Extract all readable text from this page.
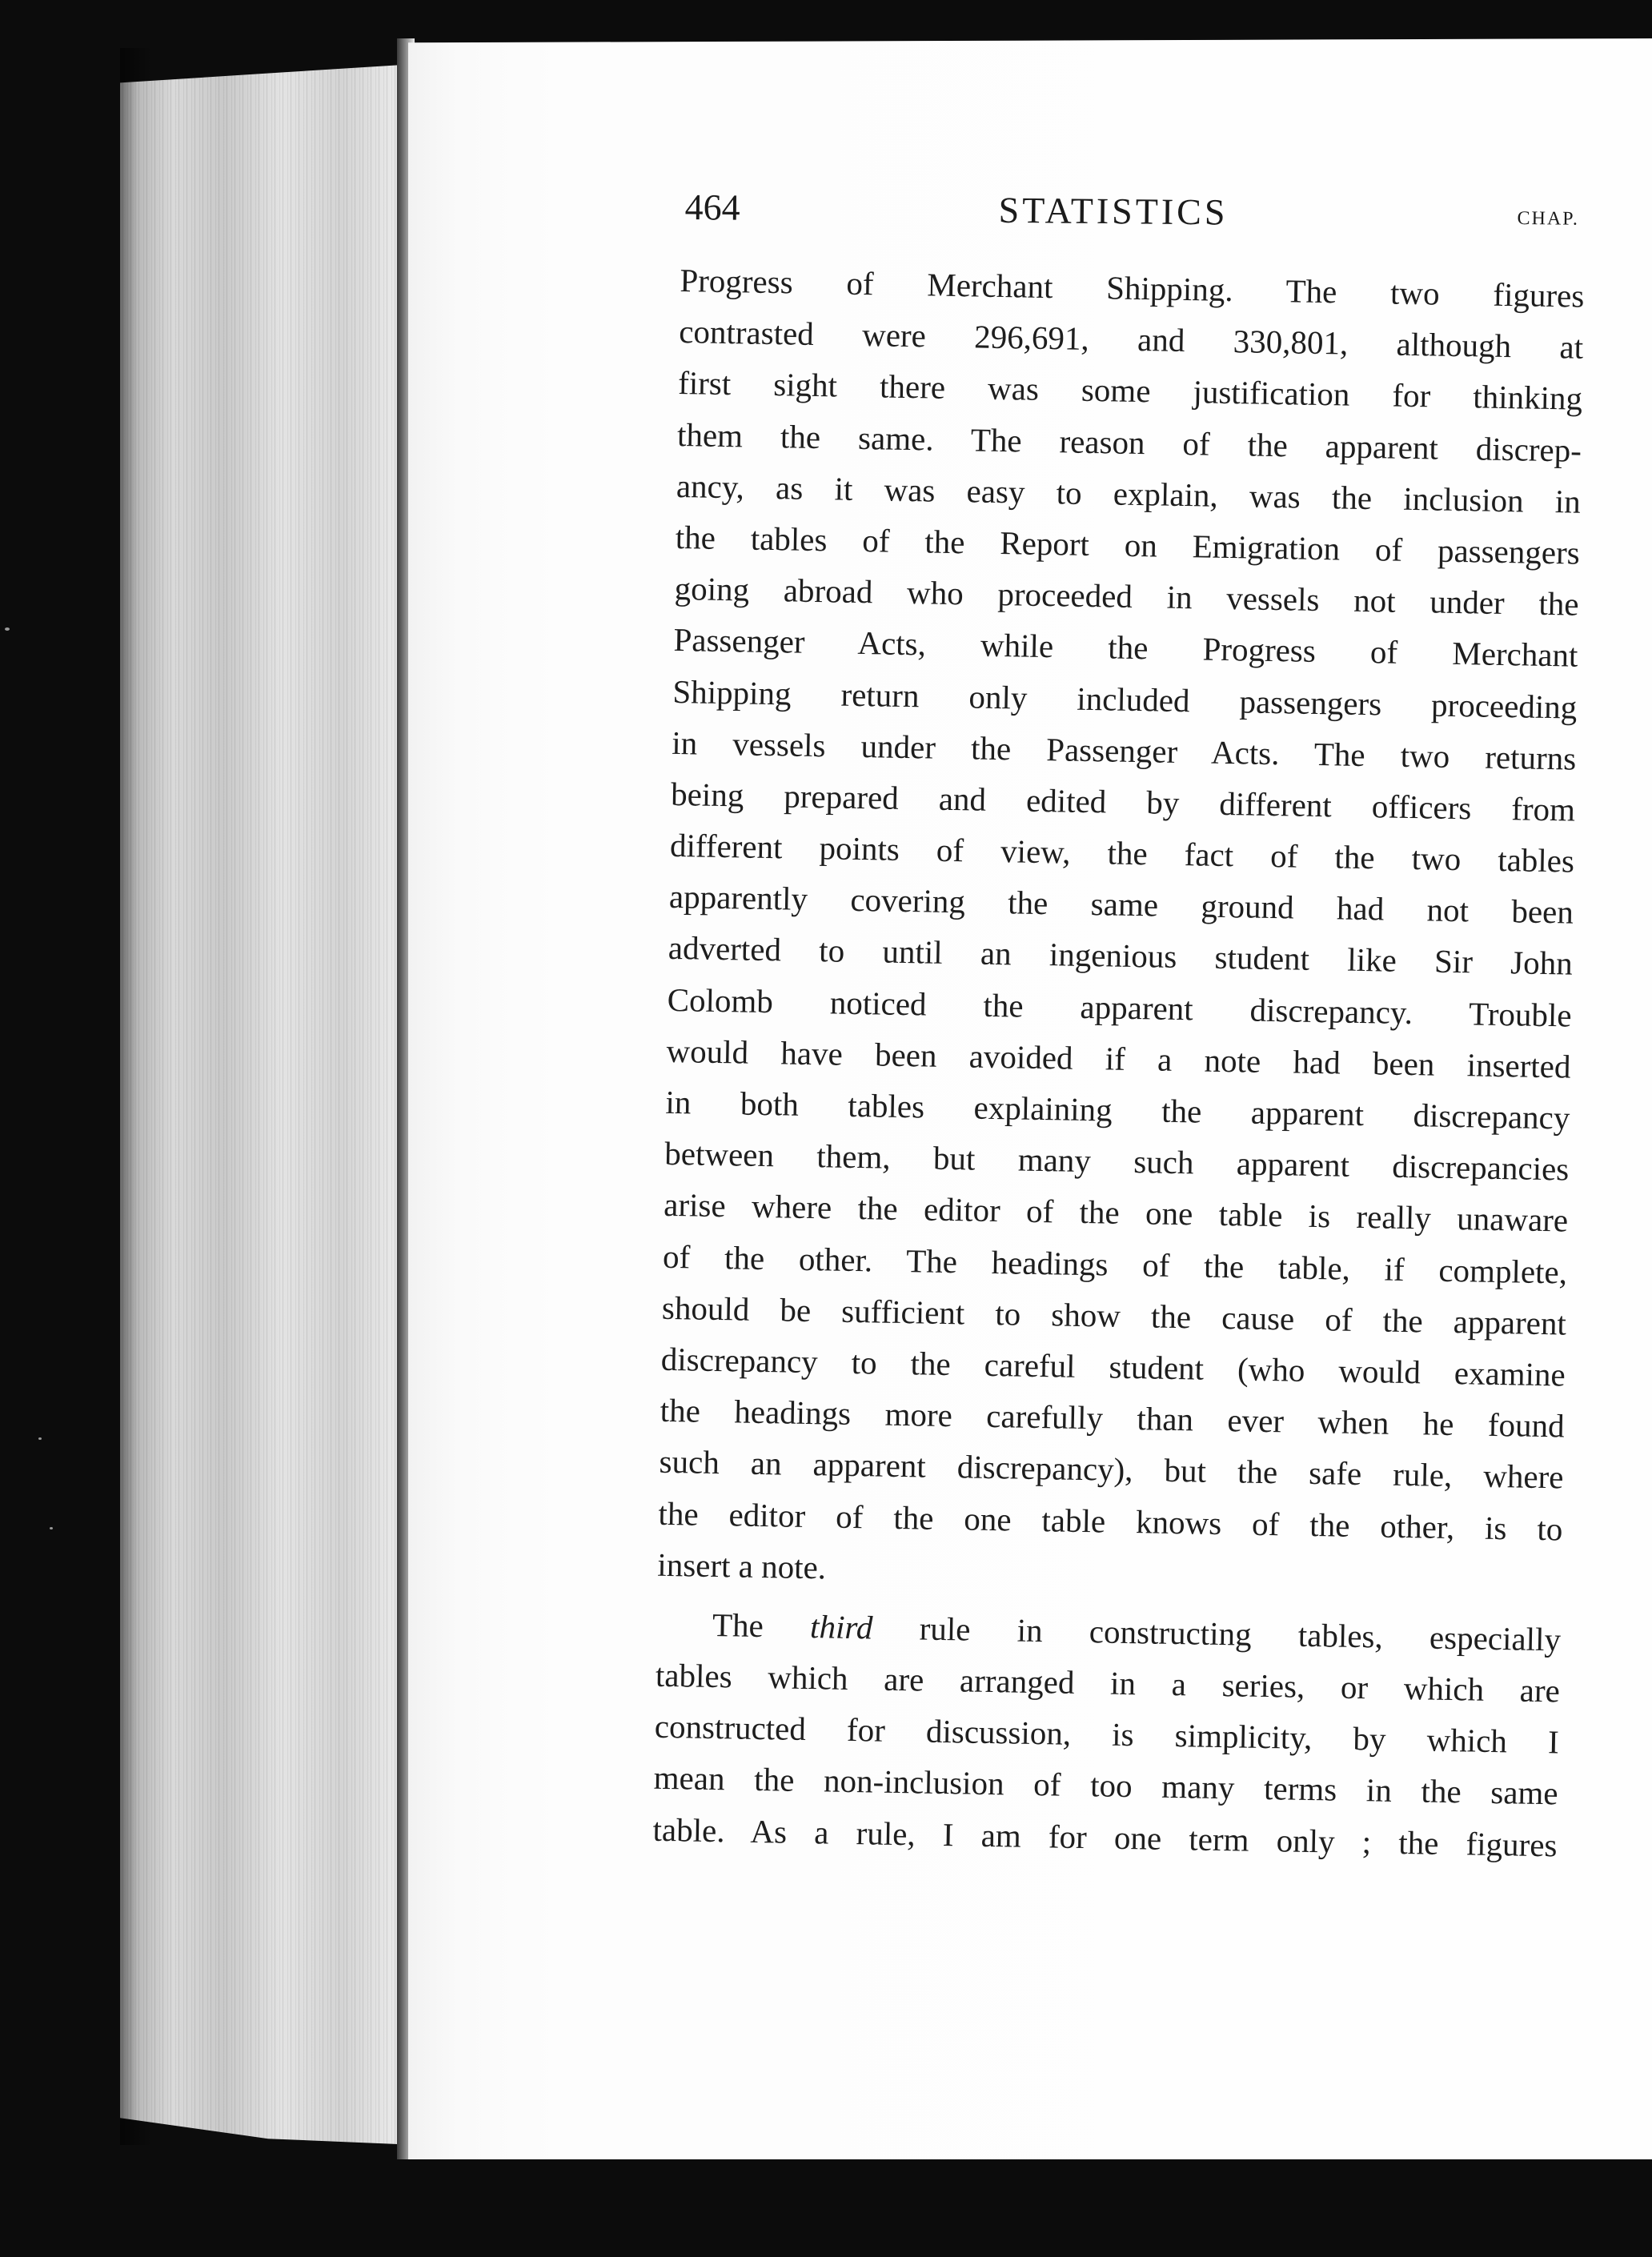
464	STATISTICS	CHAP.
Progress of Merchant Shipping. The two figures
contrasted were 296,691, and 330,801, although at
first sight there was some justification for thinking
them the same. The reason of the apparent discrep-
ancy, as it was easy to explain, was the inclusion in
the tables of the Report on Emigration of passengers
going abroad who proceeded in vessels not under the
Passenger Acts, while the Progress of Merchant
Shipping return only included passengers proceeding
in vessels under the Passenger Acts. The two returns
being prepared and edited by different officers from
different points of view, the fact of the two tables
apparently covering the same ground had not been
adverted to until an ingenious student like Sir John
Colomb noticed the apparent discrepancy. Trouble
would have been avoided if a note had been inserted
in both tables explaining the apparent discrepancy
between them, but many such apparent discrepancies
arise where the editor of the one table is really unaware
of the other. The headings of the table, if complete,
should be sufficient to show the cause of the apparent
discrepancy to the careful student (who would examine
the headings more carefully than ever when he found
such an apparent discrepancy), but the safe rule, where
the editor of the one table knows of the other, is to
insert a note.
The third rule in constructing tables, especially
tables which are arranged in a series, or which are
constructed for discussion, is simplicity, by which I
mean the non-inclusion of too many terms in the same
table. As a rule, I am for one term only ; the figures
